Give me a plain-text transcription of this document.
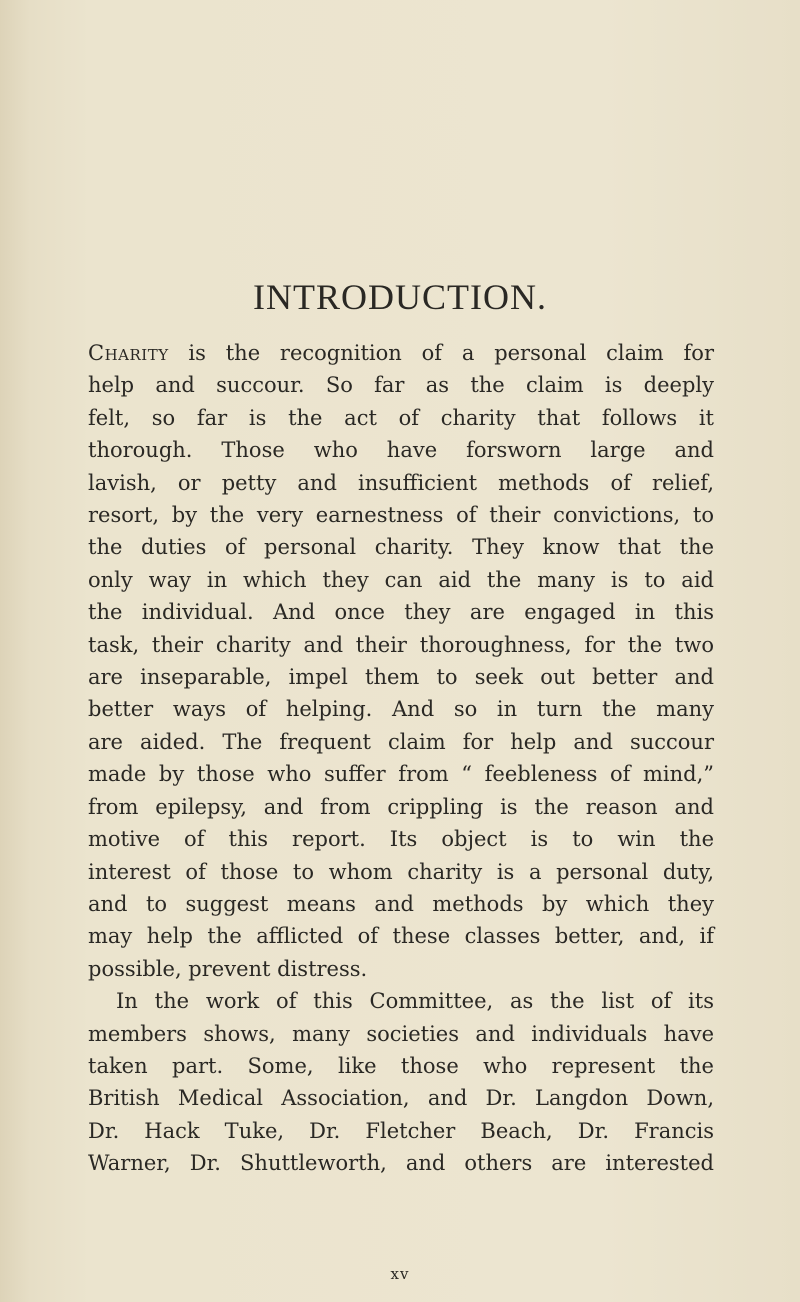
INTRODUCTION.
Charity is the recognition of a personal claim for
help and succour. So far as the claim is deeply
felt, so far is the act of charity that follows it
thorough. Those who have forsworn large and
lavish, or petty and insufficient methods of relief,
resort, by the very earnestness of their convictions, to
the duties of personal charity. They know that the
only way in which they can aid the many is to aid
the individual. And once they are engaged in this
task, their charity and their thoroughness, for the two
are inseparable, impel them to seek out better and
better ways of helping. And so in turn the many
are aided. The frequent claim for help and succour
made by those who suffer from “ feebleness of mind,”
from epilepsy, and from crippling is the reason and
motive of this report. Its object is to win the
interest of those to whom charity is a personal duty,
and to suggest means and methods by which they
may help the afflicted of these classes better, and, if
possible, prevent distress.
In the work of this Committee, as the list of its
members shows, many societies and individuals have
taken part. Some, like those who represent the
British Medical Association, and Dr. Langdon Down,
Dr. Hack Tuke, Dr. Fletcher Beach, Dr. Francis
Warner, Dr. Shuttleworth, and others are interested
xv
